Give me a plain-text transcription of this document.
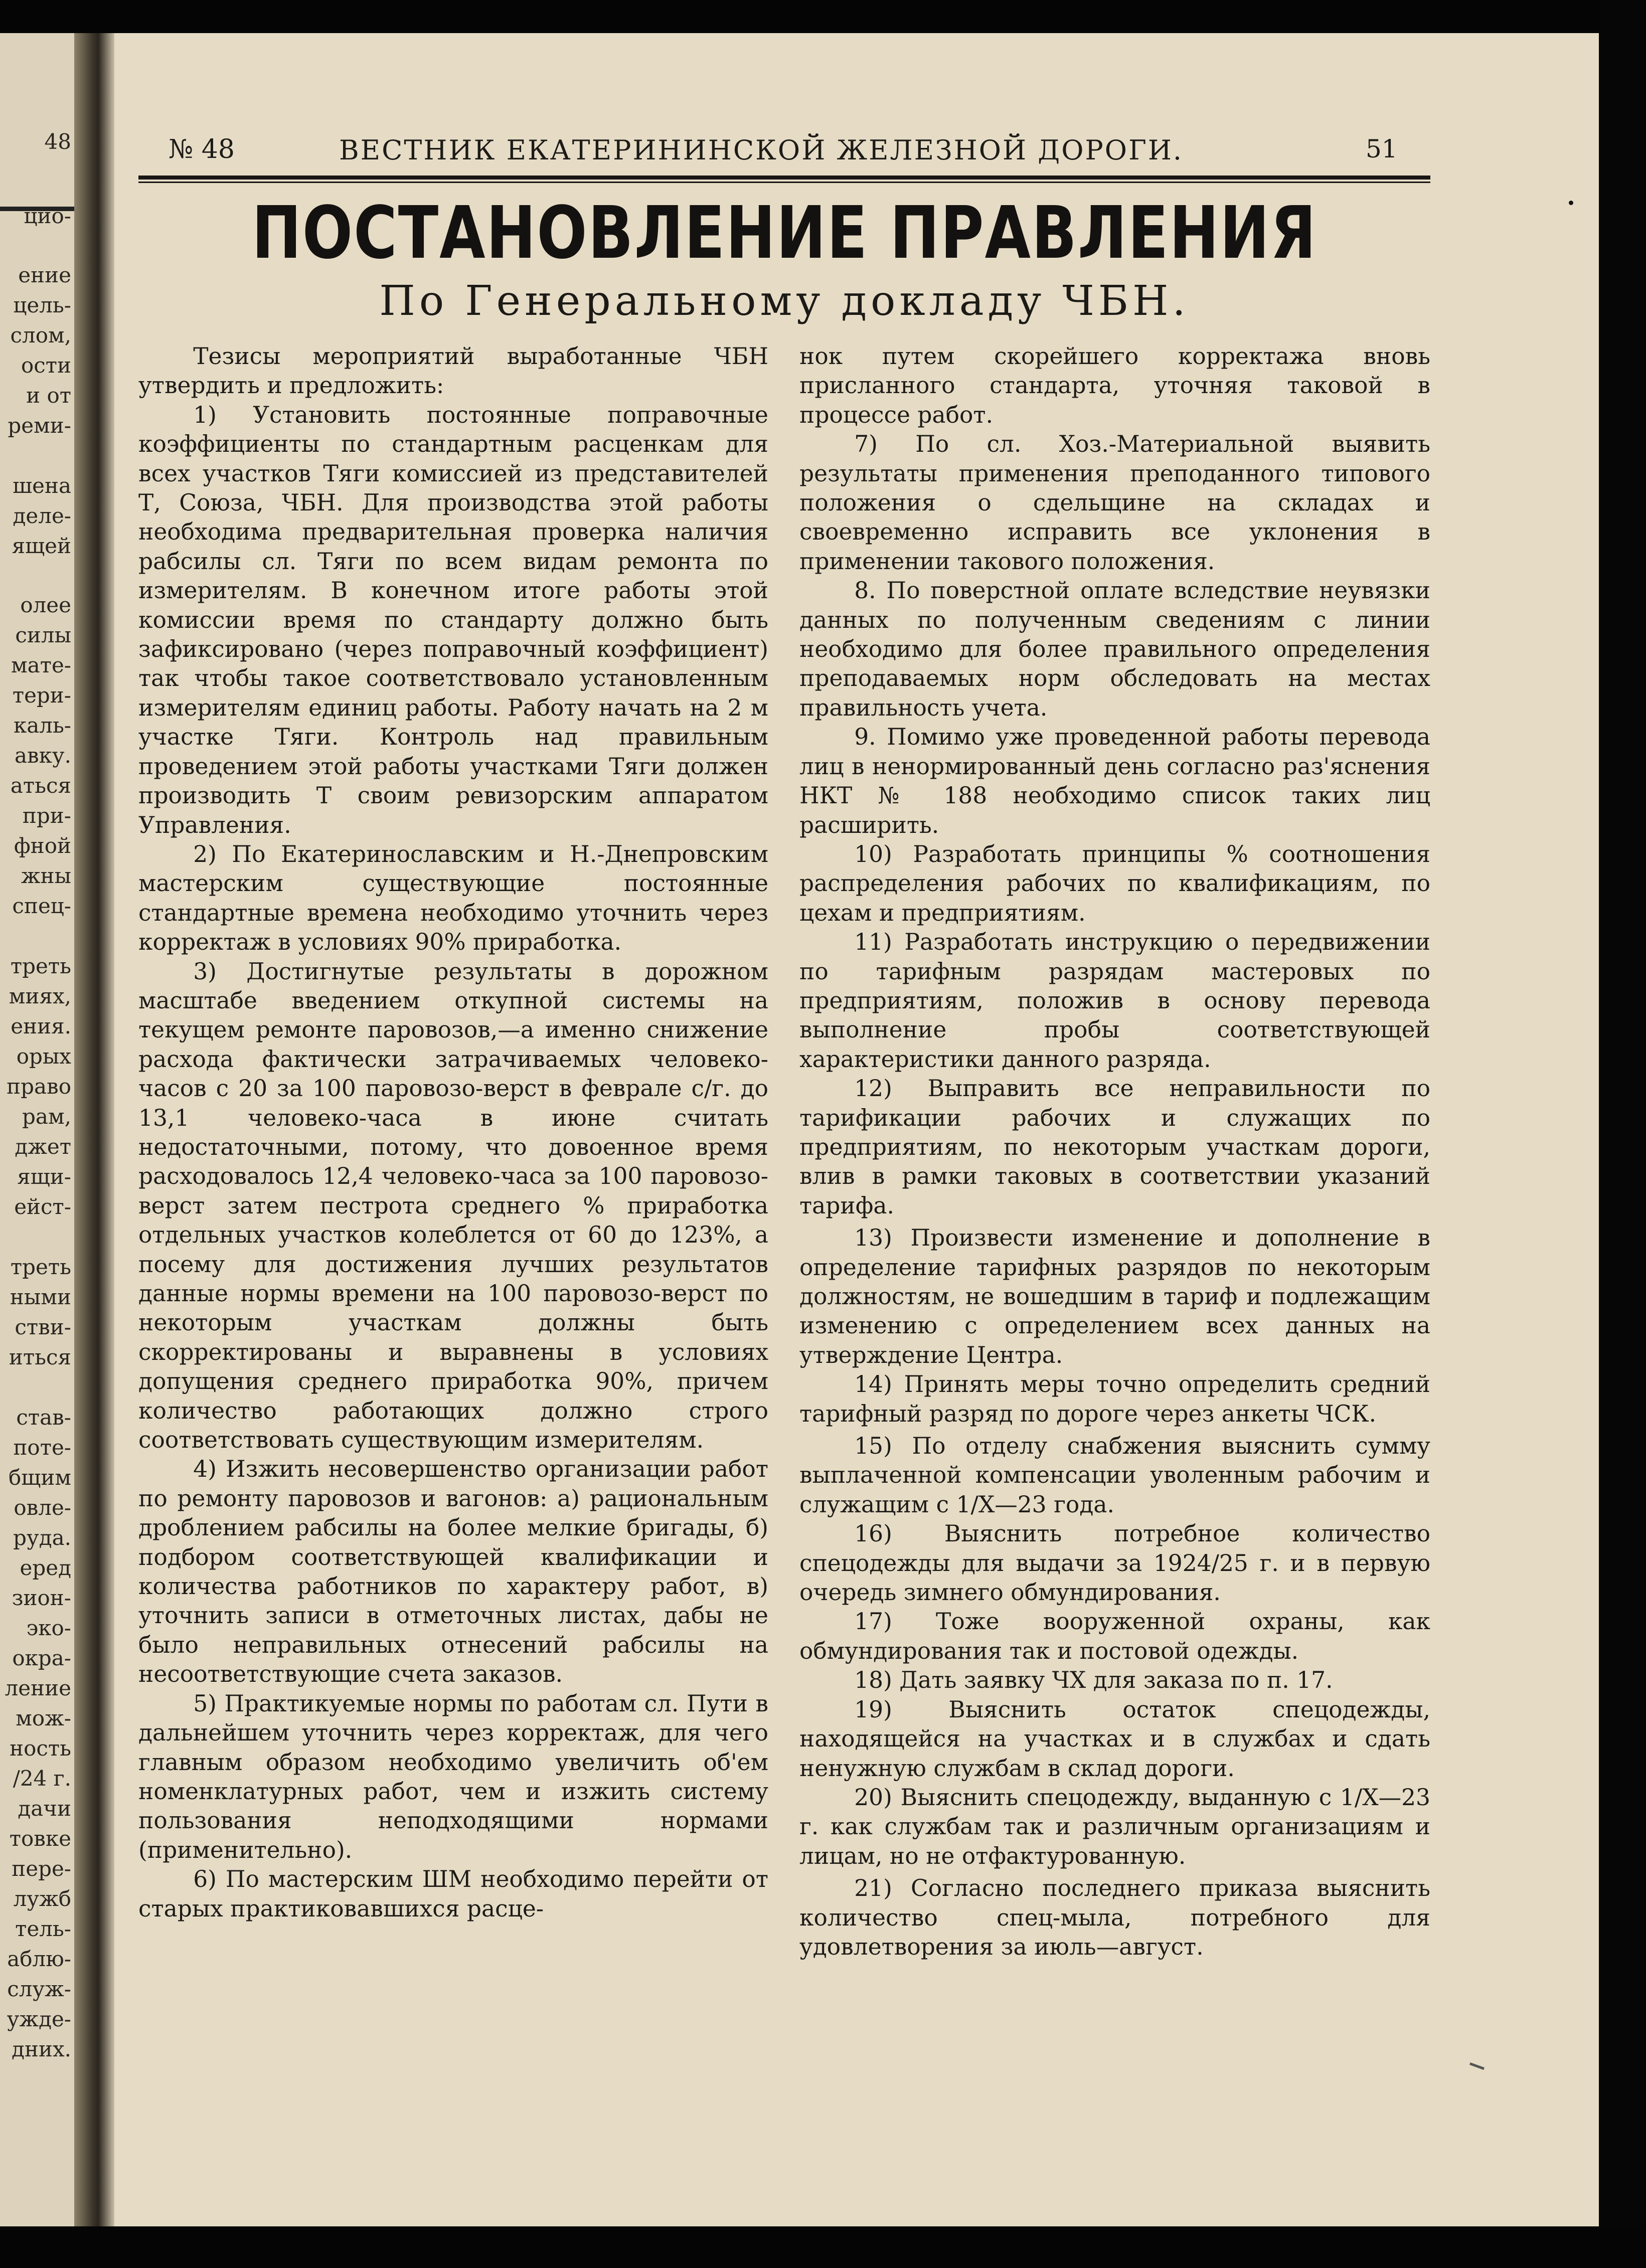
48
цио-
ение
цель-
слом,
ости
и от
реми-
шена
деле-
ящей
олее
силы
мате-
тери-
каль-
авку.
аться
при-
фной
жны
спец-
треть
миях,
ения.
орых
право
рам,
джет
ящи-
ейст-
треть
ными
стви-
иться
став-
поте-
бщим
овле-
руда.
еред
зион-
эко-
окра-
ление
мож-
ность
/24 г.
дачи
товке
пере-
лужб
тель-
аблю-
служ-
ужде-
дних.
№ 48	ВЕСТНИК ЕКАТЕРИНИНСКОЙ ЖЕЛЕЗНОЙ ДОРОГИ.	51
ПОСТАНОВЛЕНИЕ ПРАВЛЕНИЯ
По Генеральному докладу ЧБН.

Тезисы мероприятий выработанные ЧБН утвердить и предложить:

1) Установить постоянные поправочные коэффициенты по стандартным расценкам для всех участков Тяги комиссией из представителей Т, Союза, ЧБН. Для производства этой работы необходима предварительная проверка наличия рабсилы сл. Тяги по всем видам ремонта по измерителям. В конечном итоге работы этой комиссии время по стандарту должно быть зафиксировано (через поправочный коэффициент) так чтобы такое соответствовало установленным измерителям единиц работы. Работу начать на 2 м участке Тяги. Контроль над правильным проведением этой работы участками Тяги должен производить Т своим ревизорским аппаратом Управления.

2) По Екатеринославским и Н.-Днепровским мастерским существующие постоянные стандартные времена необходимо уточнить через корректаж в условиях 90% приработка.

3) Достигнутые результаты в дорожном масштабе введением откупной системы на текущем ремонте паровозов,—а именно снижение расхода фактически затрачиваемых человеко-часов с 20 за 100 паровозо-верст в феврале с/г. до 13,1 человеко-часа в июне считать недостаточными, потому, что довоенное время расходовалось 12,4 человеко-часа за 100 паровозо-верст затем пестрота среднего % приработка отдельных участков колеблется от 60 до 123%, а посему для достижения лучших результатов данные нормы времени на 100 паровозо-верст по некоторым участкам должны быть скорректированы и выравнены в условиях допущения среднего приработка 90%, причем количество работающих должно строго соответствовать существующим измерителям.

4) Изжить несовершенство организации работ по ремонту паровозов и вагонов: а) рациональным дроблением рабсилы на более мелкие бригады, б) подбором соответствующей квалификации и количества работников по характеру работ, в) уточнить записи в отметочных листах, дабы не было неправильных отнесений рабсилы на несоответствующие счета заказов.

5) Практикуемые нормы по работам сл. Пути в дальнейшем уточнить через корректаж, для чего главным образом необходимо увеличить об'ем номенклатурных работ, чем и изжить систему пользования неподходящими нормами (применительно).

6) По мастерским ШМ необходимо перейти от старых практиковавшихся расце-

нок путем скорейшего корректажа вновь присланного стандарта, уточняя таковой в процессе работ.

7) По сл. Хоз.-Материальной выявить результаты применения преподанного типового положения о сдельщине на складах и своевременно исправить все уклонения в применении такового положения.

8. По поверстной оплате вследствие неувязки данных по полученным сведениям с линии необходимо для более правильного определения преподаваемых норм обследовать на местах правильность учета.

9. Помимо уже проведенной работы перевода лиц в ненормированный день согласно раз'яснения НКТ № 188 необходимо список таких лиц расширить.

10) Разработать принципы % соотношения распределения рабочих по квалификациям, по цехам и предприятиям.

11) Разработать инструкцию о передвижении по тарифным разрядам мастеровых по предприятиям, положив в основу перевода выполнение пробы соответствующей характеристики данного разряда.

12) Выправить все неправильности по тарификации рабочих и служащих по предприятиям, по некоторым участкам дороги, влив в рамки таковых в соответствии указаний тарифа.

13) Произвести изменение и дополнение в определение тарифных разрядов по некоторым должностям, не вошедшим в тариф и подлежащим изменению с определением всех данных на утверждение Центра.

14) Принять меры точно определить средний тарифный разряд по дороге через анкеты ЧСК.

15) По отделу снабжения выяснить сумму выплаченной компенсации уволенным рабочим и служащим с 1/X—23 года.

16) Выяснить потребное количество спецодежды для выдачи за 1924/25 г. и в первую очередь зимнего обмундирования.

17) Тоже вооруженной охраны, как обмундирования так и постовой одежды.

18) Дать заявку ЧХ для заказа по п. 17.

19) Выяснить остаток спецодежды, находящейся на участках и в службах и сдать ненужную службам в склад дороги.

20) Выяснить спецодежду, выданную с 1/X—23 г. как службам так и различным организациям и лицам, но не отфактурованную.

21) Согласно последнего приказа выяснить количество спец-мыла, потребного для удовлетворения за июль—август.
